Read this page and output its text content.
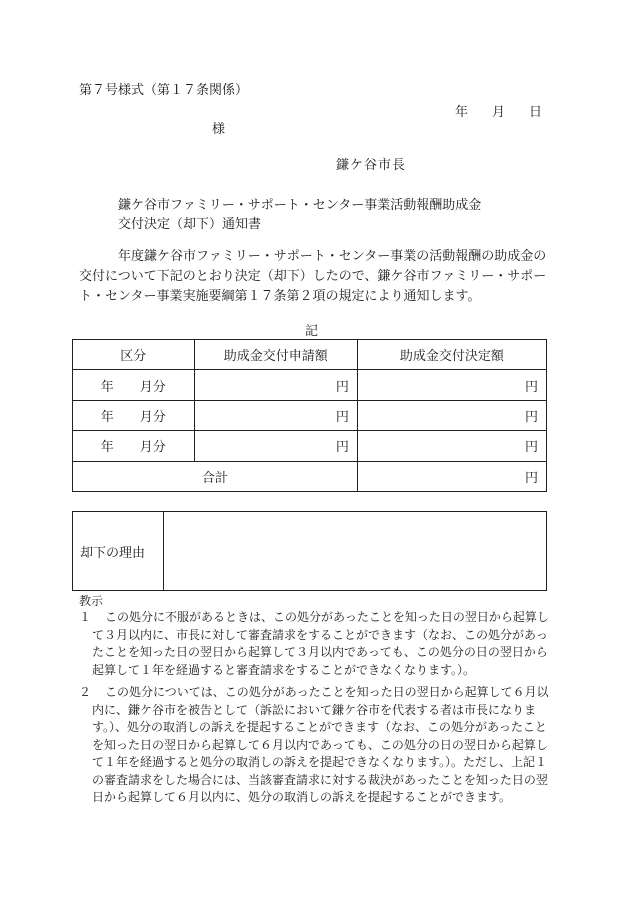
第７号様式（第１７条関係）
年 月 日
様
鎌ケ谷市長
鎌ケ谷市ファミリー・サポート・センター事業活動報酬助成金
交付決定（却下）通知書

　　　年度鎌ケ谷市ファミリー・サポート・センター事業の活動報酬の助成金の交付について下記のとおり決定（却下）したので、鎌ケ谷市ファミリー・サポート・センター事業実施要綱第１７条第２項の規定により通知します。

記
区分	助成金交付申請額	助成金交付決定額
年　　月分	円	円
年　　月分	円	円
年　　月分	円	円
合計		円
却下の理由	
教示
１	この処分に不服があるときは、この処分があったことを知った日の翌日から起算して３月以内に、市長に対して審査請求をすることができます（なお、この処分があったことを知った日の翌日から起算して３月以内であっても、この処分の日の翌日から起算して１年を経過すると審査請求をすることができなくなります。）。
２	この処分については、この処分があったことを知った日の翌日から起算して６月以内に、鎌ケ谷市を被告として（訴訟において鎌ケ谷市を代表する者は市長になります。）、処分の取消しの訴えを提起することができます（なお、この処分があったことを知った日の翌日から起算して６月以内であっても、この処分の日の翌日から起算して１年を経過すると処分の取消しの訴えを提起できなくなります。）。ただし、上記１の審査請求をした場合には、当該審査請求に対する裁決があったことを知った日の翌日から起算して６月以内に、処分の取消しの訴えを提起することができます。
